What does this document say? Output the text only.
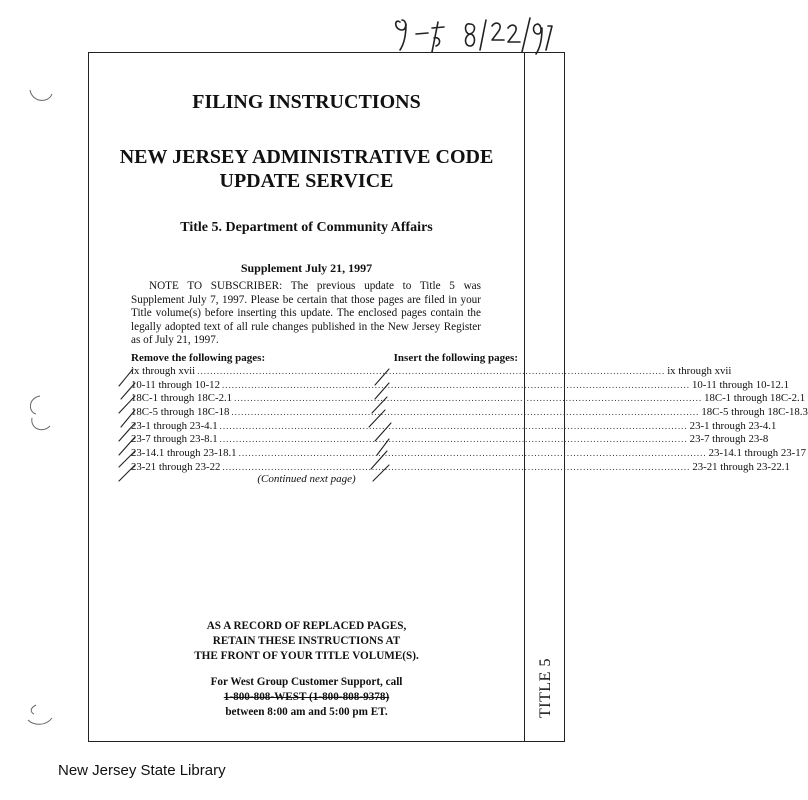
TITLE 5
FILING INSTRUCTIONS
NEW JERSEY ADMINISTRATIVE CODE
UPDATE SERVICE
Title 5. Department of Community Affairs
Supplement July 21, 1997
NOTE TO SUBSCRIBER: The previous update to Title 5 was Supplement July 7, 1997. Please be certain that those pages are filed in your Title volume(s) before inserting this update. The enclosed pages contain the legally adopted text of all rule changes published in the New Jersey Register as of July 21, 1997.
Remove the following pages:	Insert the following pages:
ix through xvii ................................................................................................................................................ ix through xvii
10-11 through 10-12 ................................................................................................................................................ 10-11 through 10-12.1
18C-1 through 18C-2.1 ................................................................................................................................................ 18C-1 through 18C-2.1
18C-5 through 18C-18 ................................................................................................................................................ 18C-5 through 18C-18.3
23-1 through 23-4.1 ................................................................................................................................................ 23-1 through 23-4.1
23-7 through 23-8.1 ................................................................................................................................................ 23-7 through 23-8
23-14.1 through 23-18.1 ................................................................................................................................................ 23-14.1 through 23-17
23-21 through 23-22 ................................................................................................................................................ 23-21 through 23-22.1
(Continued next page)
AS A RECORD OF REPLACED PAGES,
RETAIN THESE INSTRUCTIONS AT
THE FRONT OF YOUR TITLE VOLUME(S).
For West Group Customer Support, call
1-800-808-WEST (1-800-808-9378)
between 8:00 am and 5:00 pm ET.
New Jersey State Library
